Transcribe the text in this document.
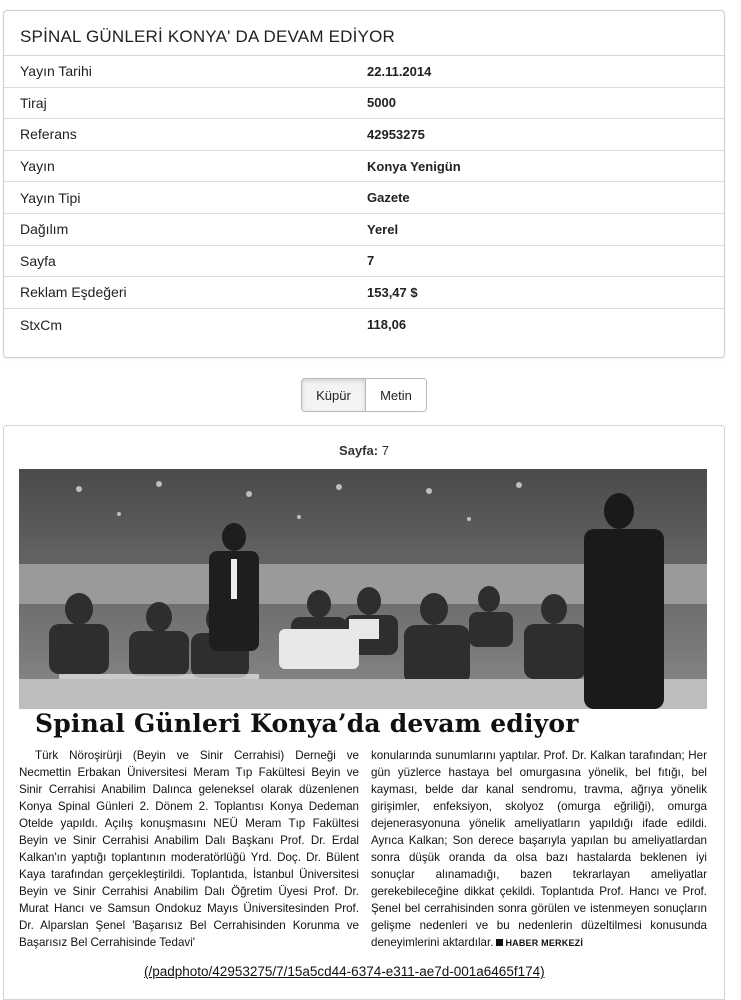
SPİNAL GÜNLERİ KONYA' DA DEVAM EDİYOR
Yayın Tarihi	22.11.2014
Tiraj	5000
Referans	42953275
Yayın	Konya Yenigün
Yayın Tipi	Gazete
Dağılım	Yerel
Sayfa	7
Reklam Eşdeğeri	153,47 $
StxCm	118,06
Küpür	Metin
Sayfa: 7
Spinal Günleri Konya’da devam ediyor
Türk Nöroşirürji (Beyin ve Sinir Cerrahisi) Derneği ve Necmettin Erbakan Üniversitesi Meram Tıp Fakültesi Beyin ve Sinir Cerrahisi Anabilim Dalınca geleneksel olarak düzenlenen Konya Spinal Günleri 2. Dönem 2. Toplantısı Konya Dedeman Otelde yapıldı. Açılış konuşmasını NEÜ Meram Tıp Fakültesi Beyin ve Sinir Cerrahisi Anabilim Dalı Başkanı Prof. Dr. Erdal Kalkan'ın yaptığı toplantının moderatörlüğü Yrd. Doç. Dr. Bülent Kaya tarafından gerçekleştirildi. Toplantıda, İstanbul Üniversitesi Beyin ve Sinir Cerrahisi Anabilim Dalı Öğretim Üyesi Prof. Dr. Murat Hancı ve Samsun Ondokuz Mayıs Üniversitesinden Prof. Dr. Alparslan Şenel 'Başarısız Bel Cerrahisinden Korunma ve Başarısız Bel Cerrahisinde Tedavi'
konularında sunumlarını yaptılar. Prof. Dr. Kalkan tarafından; Her gün yüzlerce hastaya bel omurgasına yönelik, bel fıtığı, bel kayması, belde dar kanal sendromu, travma, ağrıya yönelik girişimler, enfeksiyon, skolyoz (omurga eğriliği), omurga dejenerasyonuna yönelik ameliyatların yapıldığı ifade edildi. Ayrıca Kalkan; Son derece başarıyla yapılan bu ameliyatlardan sonra düşük oranda da olsa bazı hastalarda beklenen iyi sonuçlar alınamadığı, bazen tekrarlayan ameliyatlar gerekebileceğine dikkat çekildi. Toplantıda Prof. Hancı ve Prof. Şenel bel cerrahisinden sonra görülen ve istenmeyen sonuçların gelişme nedenleri ve bu nedenlerin düzeltilmesi konusunda deneyimlerini aktardılar. HABER MERKEZİ
(/padphoto/42953275/7/15a5cd44-6374-e311-ae7d-001a6465f174)
